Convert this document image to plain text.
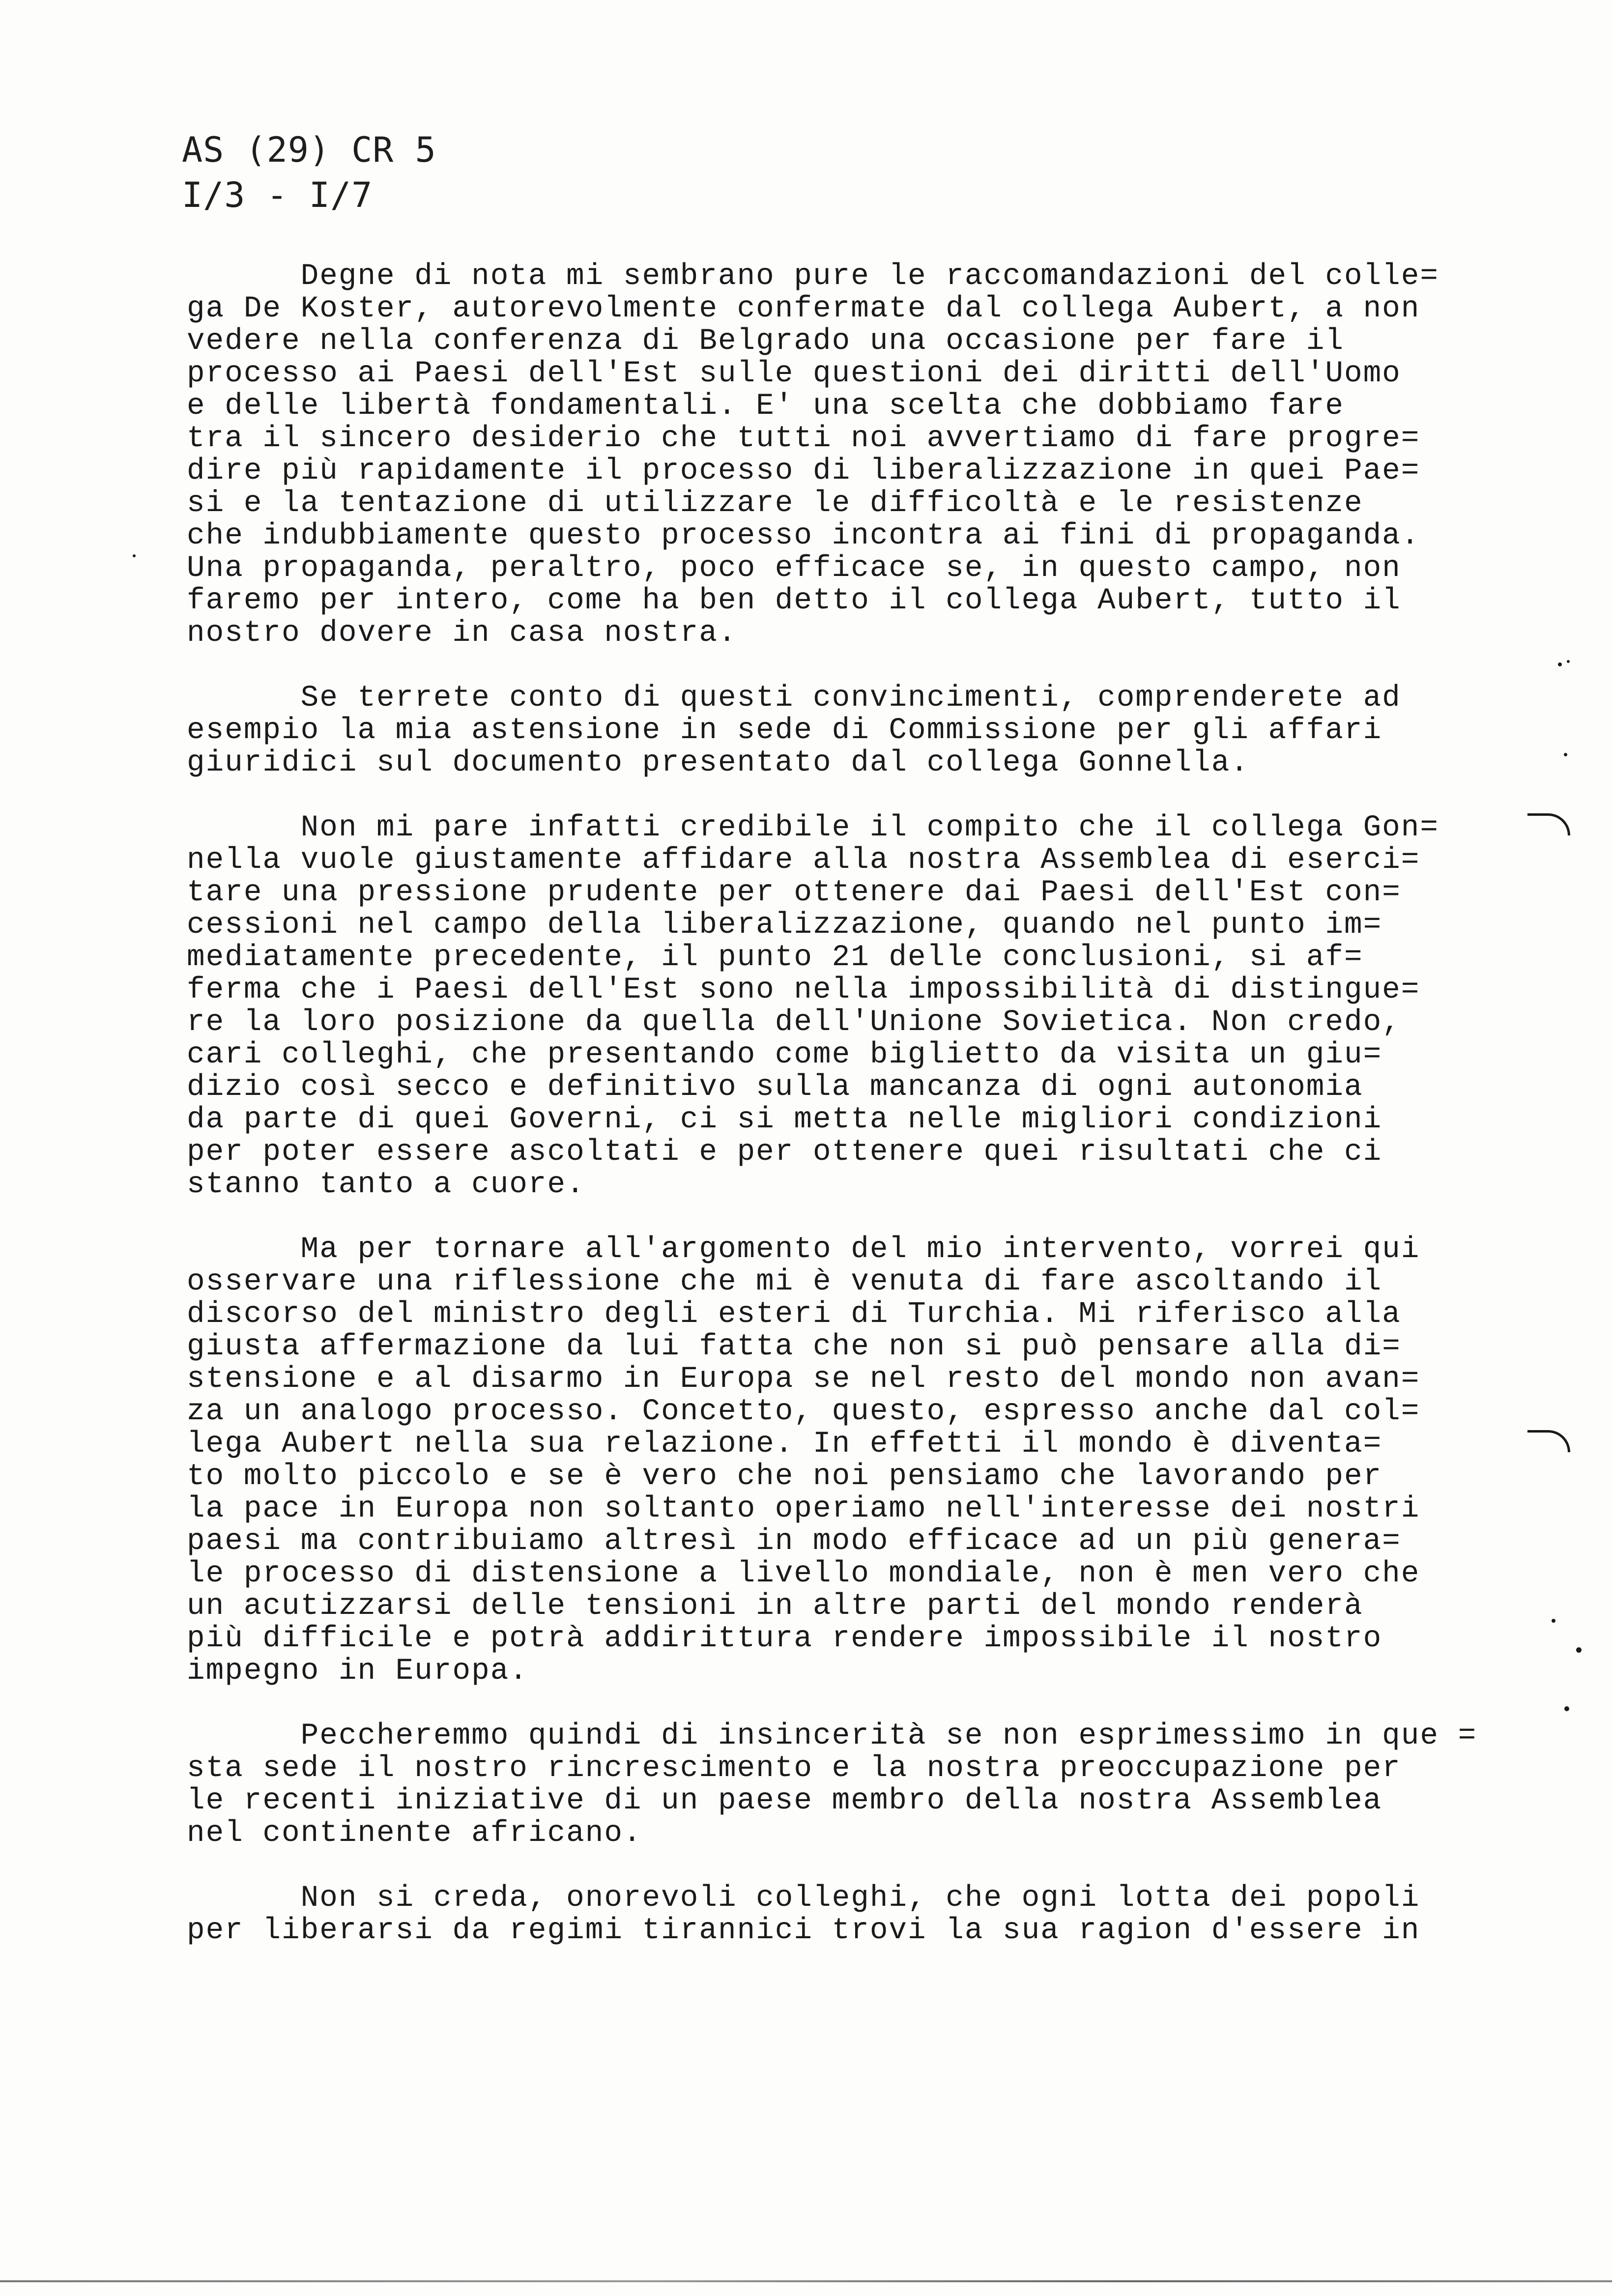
AS (29) CR 5
I/3 - I/7
Degne di nota mi sembrano pure le raccomandazioni del colle=
ga De Koster, autorevolmente confermate dal collega Aubert, a non
vedere nella conferenza di Belgrado una occasione per fare il
processo ai Paesi dell'Est sulle questioni dei diritti dell'Uomo
e delle libertà fondamentali. E' una scelta che dobbiamo fare
tra il sincero desiderio che tutti noi avvertiamo di fare progre=
dire più rapidamente il processo di liberalizzazione in quei Pae=
si e la tentazione di utilizzare le difficoltà e le resistenze
che indubbiamente questo processo incontra ai fini di propaganda.
Una propaganda, peraltro, poco efficace se, in questo campo, non
faremo per intero, come ha ben detto il collega Aubert, tutto il
nostro dovere in casa nostra.
Se terrete conto di questi convincimenti, comprenderete ad
esempio la mia astensione in sede di Commissione per gli affari
giuridici sul documento presentato dal collega Gonnella.
Non mi pare infatti credibile il compito che il collega Gon=
nella vuole giustamente affidare alla nostra Assemblea di eserci=
tare una pressione prudente per ottenere dai Paesi dell'Est con=
cessioni nel campo della liberalizzazione, quando nel punto im=
mediatamente precedente, il punto 21 delle conclusioni, si af=
ferma che i Paesi dell'Est sono nella impossibilità di distingue=
re la loro posizione da quella dell'Unione Sovietica. Non credo,
cari colleghi, che presentando come biglietto da visita un giu=
dizio così secco e definitivo sulla mancanza di ogni autonomia
da parte di quei Governi, ci si metta nelle migliori condizioni
per poter essere ascoltati e per ottenere quei risultati che ci
stanno tanto a cuore.
Ma per tornare all'argomento del mio intervento, vorrei qui
osservare una riflessione che mi è venuta di fare ascoltando il
discorso del ministro degli esteri di Turchia. Mi riferisco alla
giusta affermazione da lui fatta che non si può pensare alla di=
stensione e al disarmo in Europa se nel resto del mondo non avan=
za un analogo processo. Concetto, questo, espresso anche dal col=
lega Aubert nella sua relazione. In effetti il mondo è diventa=
to molto piccolo e se è vero che noi pensiamo che lavorando per
la pace in Europa non soltanto operiamo nell'interesse dei nostri
paesi ma contribuiamo altresì in modo efficace ad un più genera=
le processo di distensione a livello mondiale, non è men vero che
un acutizzarsi delle tensioni in altre parti del mondo renderà
più difficile e potrà addirittura rendere impossibile il nostro
impegno in Europa.
Peccheremmo quindi di insincerità se non esprimessimo in que =
sta sede il nostro rincrescimento e la nostra preoccupazione per
le recenti iniziative di un paese membro della nostra Assemblea
nel continente africano.
Non si creda, onorevoli colleghi, che ogni lotta dei popoli
per liberarsi da regimi tirannici trovi la sua ragion d'essere in
